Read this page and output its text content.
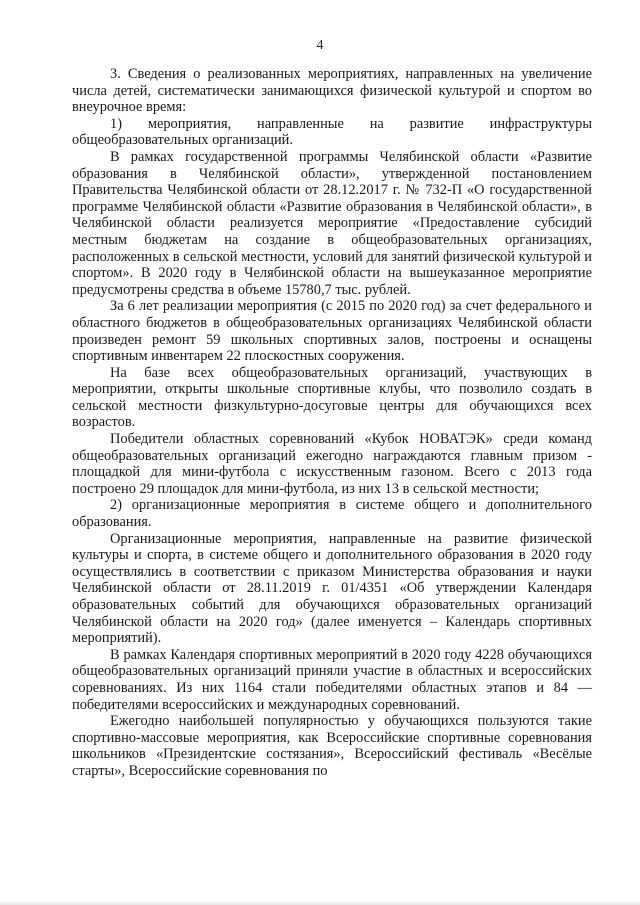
4

3. Сведения о реализованных мероприятиях, направленных на увеличение числа детей, систематически занимающихся физической культурой и спортом во внеурочное время:

1) мероприятия, направленные на развитие инфраструктуры общеобразовательных организаций.

В рамках государственной программы Челябинской области «Развитие образования в Челябинской области», утвержденной постановлением Правительства Челябинской области от 28.12.2017 г. № 732-П «О государственной программе Челябинской области «Развитие образования в Челябинской области», в Челябинской области реализуется мероприятие «Предоставление субсидий местным бюджетам на создание в общеобразовательных организациях, расположенных в сельской местности, условий для занятий физической культурой и спортом». В 2020 году в Челябинской области на вышеуказанное мероприятие предусмотрены средства в объеме 15780,7 тыс. рублей.

За 6 лет реализации мероприятия (с 2015 по 2020 год) за счет федерального и областного бюджетов в общеобразовательных организациях Челябинской области произведен ремонт 59 школьных спортивных залов, построены и оснащены спортивным инвентарем 22 плоскостных сооружения.

На базе всех общеобразовательных организаций, участвующих в мероприятии, открыты школьные спортивные клубы, что позволило создать в сельской местности физкультурно-досуговые центры для обучающихся всех возрастов.

Победители областных соревнований «Кубок НОВАТЭК» среди команд общеобразовательных организаций ежегодно награждаются главным призом - площадкой для мини-футбола с искусственным газоном. Всего с 2013 года построено 29 площадок для мини-футбола, из них 13 в сельской местности;

2) организационные мероприятия в системе общего и дополнительного образования.

Организационные мероприятия, направленные на развитие физической культуры и спорта, в системе общего и дополнительного образования в 2020 году осуществлялись в соответствии с приказом Министерства образования и науки Челябинской области от 28.11.2019 г. 01/4351 «Об утверждении Календаря образовательных событий для обучающихся образовательных организаций Челябинской области на 2020 год» (далее именуется – Календарь спортивных мероприятий).

В рамках Календаря спортивных мероприятий в 2020 году 4228 обучающихся общеобразовательных организаций приняли участие в областных и всероссийских соревнованиях. Из них 1164 стали победителями областных этапов и 84 — победителями всероссийских и международных соревнований.

Ежегодно наибольшей популярностью у обучающихся пользуются такие спортивно-массовые мероприятия, как Всероссийские спортивные соревнования школьников «Президентские состязания», Всероссийский фестиваль «Весёлые старты», Всероссийские соревнования по
